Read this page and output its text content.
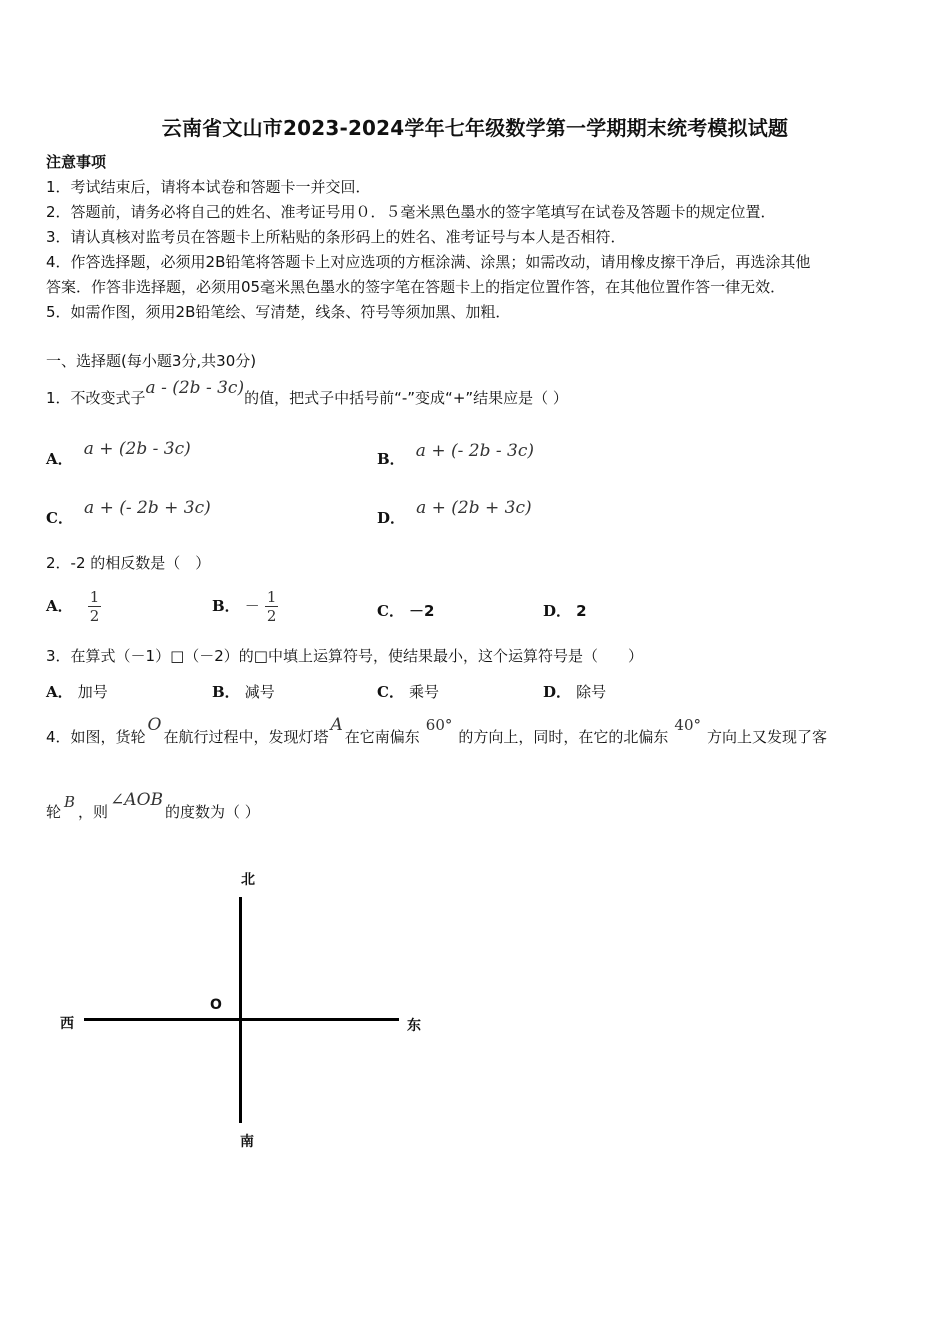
云南省文山市2023-2024学年七年级数学第一学期期末统考模拟试题
注意事项
1．考试结束后，请将本试卷和答题卡一并交回．
2．答题前，请务必将自己的姓名、准考证号用０．５毫米黑色墨水的签字笔填写在试卷及答题卡的规定位置．
3．请认真核对监考员在答题卡上所粘贴的条形码上的姓名、准考证号与本人是否相符．
4．作答选择题，必须用2B铅笔将答题卡上对应选项的方框涂满、涂黑；如需改动，请用橡皮擦干净后，再选涂其他
答案．作答非选择题，必须用05毫米黑色墨水的签字笔在答题卡上的指定位置作答，在其他位置作答一律无效．
5．如需作图，须用2B铅笔绘、写清楚，线条、符号等须加黑、加粗．
一、选择题(每小题3分,共30分)
1．不改变式子a - (2b - 3c)的值，把式子中括号前“-”变成“+”结果应是（ ）
A． a + (2b - 3c)	B． a + (- 2b - 3c)
C． a + (- 2b + 3c)	D． a + (2b + 3c)
2．-2 的相反数是（　）
A． $\frac{1}{2}$	B． － $\frac{1}{2}$	C． －2	D． 2
3．在算式（－1）□（－2）的□中填上运算符号，使结果最小，这个运算符号是（　　）
A． 加号	B． 减号	C． 乘号	D． 除号
4．如图，货轮O在航行过程中，发现灯塔A在它南偏东60°的方向上，同时，在它的北偏东40°方向上又发现了客
轮B，则∠AOB的度数为（ ）
北
南
西	东
O
